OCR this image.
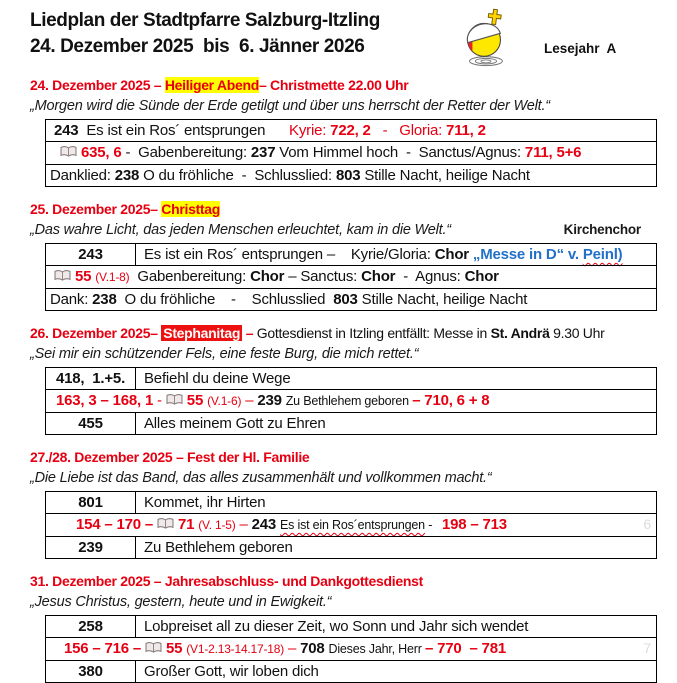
Liedplan der Stadtpfarre Salzburg-Itzling
24. Dezember 2025  bis  6. Jänner 2026	Lesejahr  A
24. Dezember 2025 – Heiliger Abend– Christmette 22.00 Uhr
„Morgen wird die Sünde der Erde getilgt und über uns herrscht der Retter der Welt.“
243  Es ist ein Ros´ entsprungen      Kyrie: 722, 2   -   Gloria: 711, 2
635, 6 -  Gabenbereitung: 237 Vom Himmel hoch  -  Sanctus/Agnus: 711, 5+6
Danklied: 238 O du fröhliche  -  Schlusslied: 803 Stille Nacht, heilige Nacht
25. Dezember 2025– Christtag
Kirchenchor
„Das wahre Licht, das jeden Menschen erleuchtet, kam in die Welt.“
243	Es ist ein Ros´ entsprungen –    Kyrie/Gloria: Chor „Messe in D“ v. Peinl)
55 (V.1-8)  Gabenbereitung: Chor – Sanctus: Chor  -  Agnus: Chor
Dank: 238  O du fröhliche    -    Schlusslied  803 Stille Nacht, heilige Nacht
26. Dezember 2025– Stephanitag – Gottesdienst in Itzling entfällt: Messe in St. Andrä 9.30 Uhr
„Sei mir ein schützender Fels, eine feste Burg, die mich rettet.“
418,  1.+5.	Befiehl du deine Wege
163, 3 – 168, 1 -  55 (V.1-6) – 239 Zu Bethlehem geboren – 710, 6 + 8
455	Alles meinem Gott zu Ehren
27./28. Dezember 2025 – Fest der Hl. Familie
„Die Liebe ist das Band, das alles zusammenhält und vollkommen macht.“
801	Kommet, ihr Hirten
154 – 170 –  71 (V. 1-5) – 243 Es ist ein Ros´entsprungen -   198 – 713	6
239	Zu Bethlehem geboren
31. Dezember 2025 – Jahresabschluss- und Dankgottesdienst
„Jesus Christus, gestern, heute und in Ewigkeit.“
258	Lobpreiset all zu dieser Zeit, wo Sonn und Jahr sich wendet
156 – 716 –  55 (V1-2.13-14.17-18) – 708 Dieses Jahr, Herr – 770  – 781	7
380	Großer Gott, wir loben dich
